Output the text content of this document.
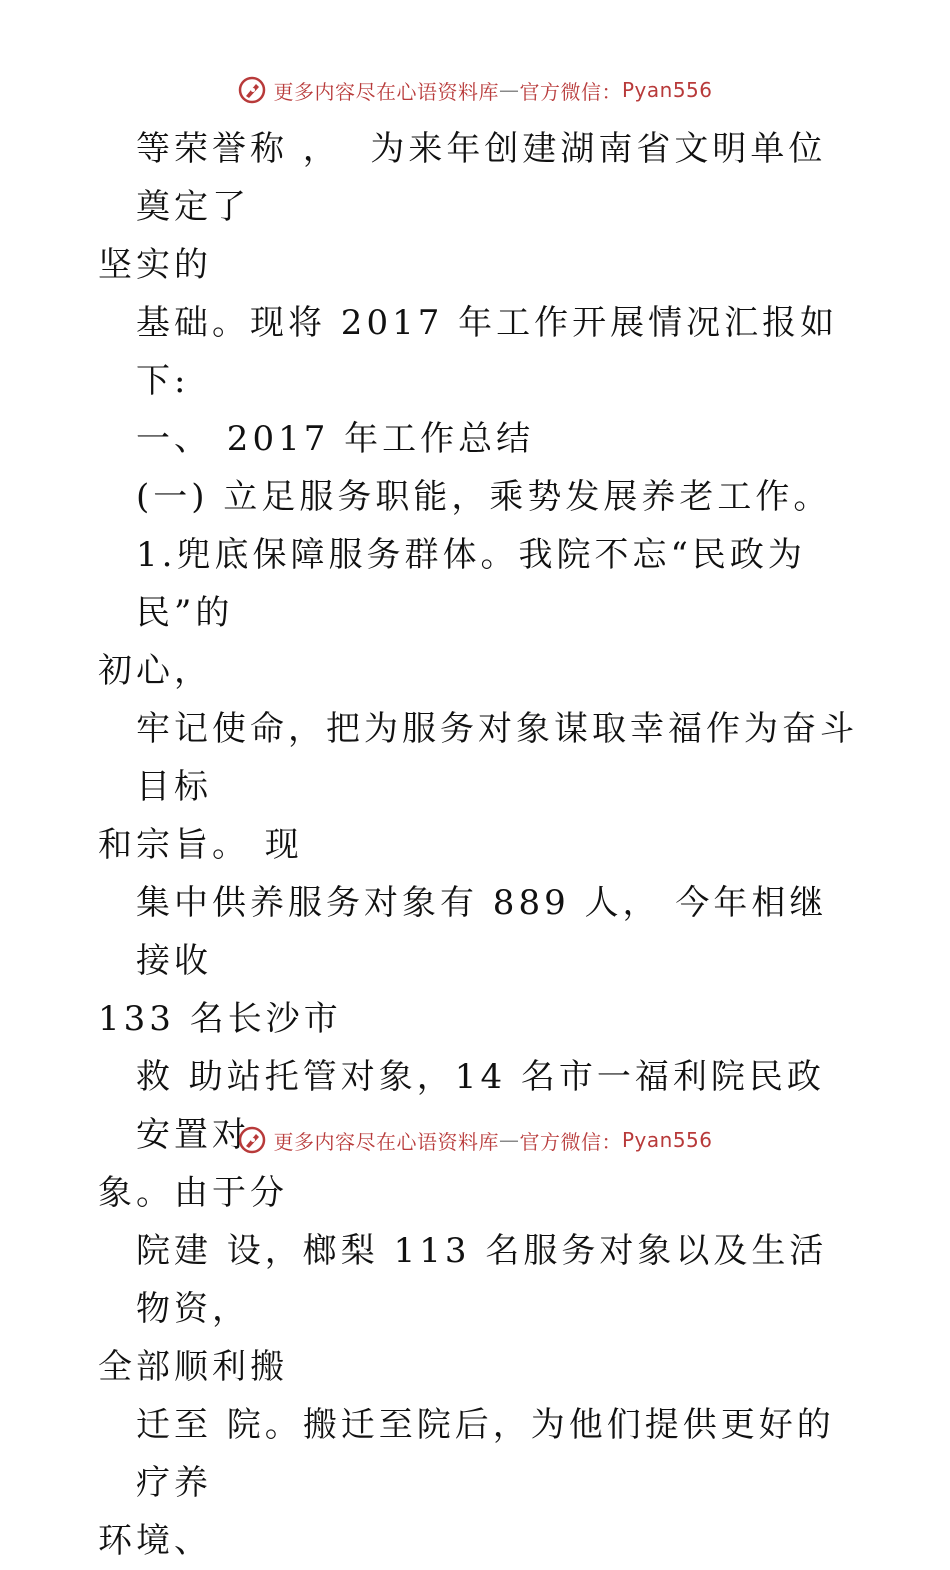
更多内容尽在心语资料库 — 官方微信： Pyan556

等荣誉称 ，  为来年创建湖南省文明单位奠定了

坚实的

基础。现将 2017 年工作开展情况汇报如下:

一、 2017 年工作总结

(一) 立足服务职能，乘势发展养老工作。

1.兜底保障服务群体。我院不忘“民政为民”的

初心，

牢记使命，把为服务对象谋取幸福作为奋斗目标

和宗旨。 现

集中供养服务对象有 889 人， 今年相继接收

133 名长沙市

救 助站托管对象，14 名市一福利院民政安置对

象。由于分

院建 设，榔梨 113 名服务对象以及生活物资，

全部顺利搬

迁至 院。搬迁至院后，为他们提供更好的疗养

环境、

更多内容尽在心语资料库 — 官方微信： Pyan556
